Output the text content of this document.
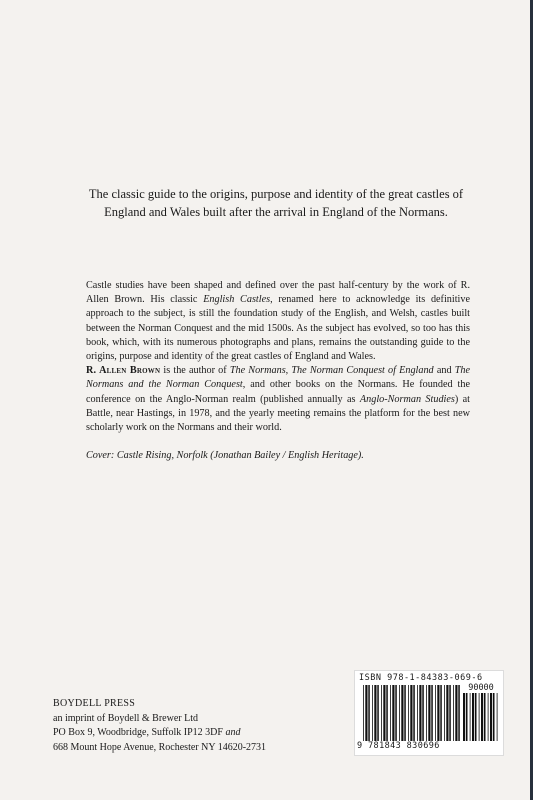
The classic guide to the origins, purpose and identity of the great castles of England and Wales built after the arrival in England of the Normans.

Castle studies have been shaped and defined over the past half-century by the work of R. Allen Brown. His classic English Castles, renamed here to acknowledge its definitive approach to the subject, is still the foundation study of the English, and Welsh, castles built between the Norman Conquest and the mid 1500s. As the subject has evolved, so too has this book, which, with its numerous photographs and plans, remains the outstanding guide to the origins, purpose and identity of the great castles of England and Wales.

R. Allen Brown is the author of The Normans, The Norman Conquest of England and The Normans and the Norman Conquest, and other books on the Normans. He founded the conference on the Anglo-Norman realm (published annually as Anglo-Norman Studies) at Battle, near Hastings, in 1978, and the yearly meeting remains the platform for the best new scholarly work on the Normans and their world.

Cover: Castle Rising, Norfolk (Jonathan Bailey / English Heritage).

BOYDELL PRESS
an imprint of Boydell & Brewer Ltd
PO Box 9, Woodbridge, Suffolk IP12 3DF and
668 Mount Hope Avenue, Rochester NY 14620-2731
ISBN 978-1-84383-069-6
90000
9 781843 830696
